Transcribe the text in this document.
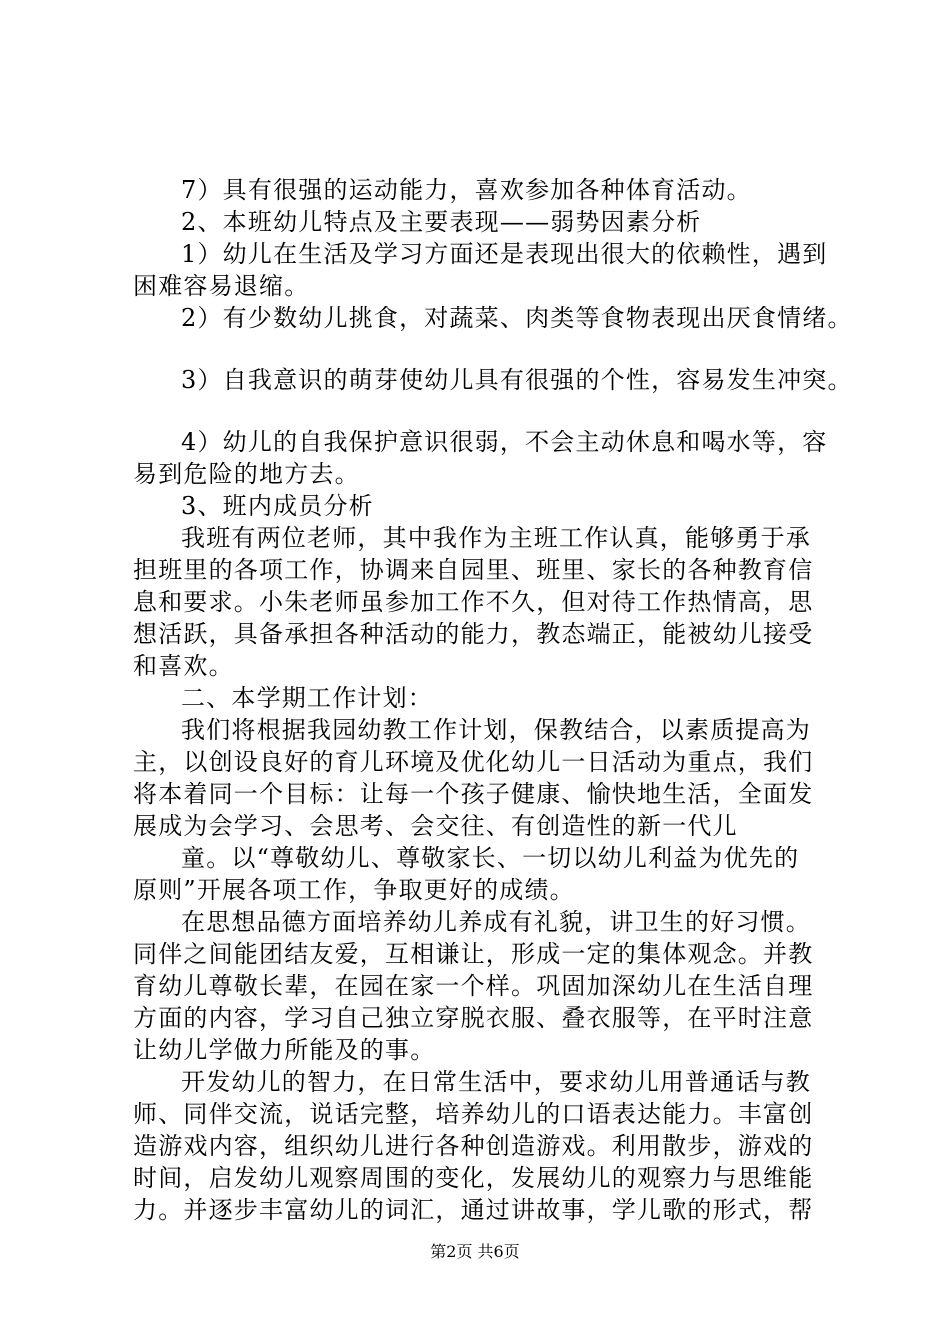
7）具有很强的运动能力，喜欢参加各种体育活动。
2、本班幼儿特点及主要表现——弱势因素分析
1）幼儿在生活及学习方面还是表现出很大的依赖性，遇到
困难容易退缩。
2）有少数幼儿挑食，对蔬菜、肉类等食物表现出厌食情绪。
3）自我意识的萌芽使幼儿具有很强的个性，容易发生冲突。
4）幼儿的自我保护意识很弱，不会主动休息和喝水等，容
易到危险的地方去。
3、班内成员分析
我班有两位老师，其中我作为主班工作认真，能够勇于承
担班里的各项工作，协调来自园里、班里、家长的各种教育信
息和要求。小朱老师虽参加工作不久，但对待工作热情高，思
想活跃，具备承担各种活动的能力，教态端正，能被幼儿接受
和喜欢。
二、本学期工作计划：
我们将根据我园幼教工作计划，保教结合，以素质提高为
主，以创设良好的育儿环境及优化幼儿一日活动为重点，我们
将本着同一个目标：让每一个孩子健康、愉快地生活，全面发
展成为会学习、会思考、会交往、有创造性的新一代儿
童。以“尊敬幼儿、尊敬家长、一切以幼儿利益为优先的
原则”开展各项工作，争取更好的成绩。
在思想品德方面培养幼儿养成有礼貌，讲卫生的好习惯。
同伴之间能团结友爱，互相谦让，形成一定的集体观念。并教
育幼儿尊敬长辈，在园在家一个样。巩固加深幼儿在生活自理
方面的内容，学习自己独立穿脱衣服、叠衣服等，在平时注意
让幼儿学做力所能及的事。
开发幼儿的智力，在日常生活中，要求幼儿用普通话与教
师、同伴交流，说话完整，培养幼儿的口语表达能力。丰富创
造游戏内容，组织幼儿进行各种创造游戏。利用散步，游戏的
时间，启发幼儿观察周围的变化，发展幼儿的观察力与思维能
力。并逐步丰富幼儿的词汇，通过讲故事，学儿歌的形式，帮
第2页 共6页
